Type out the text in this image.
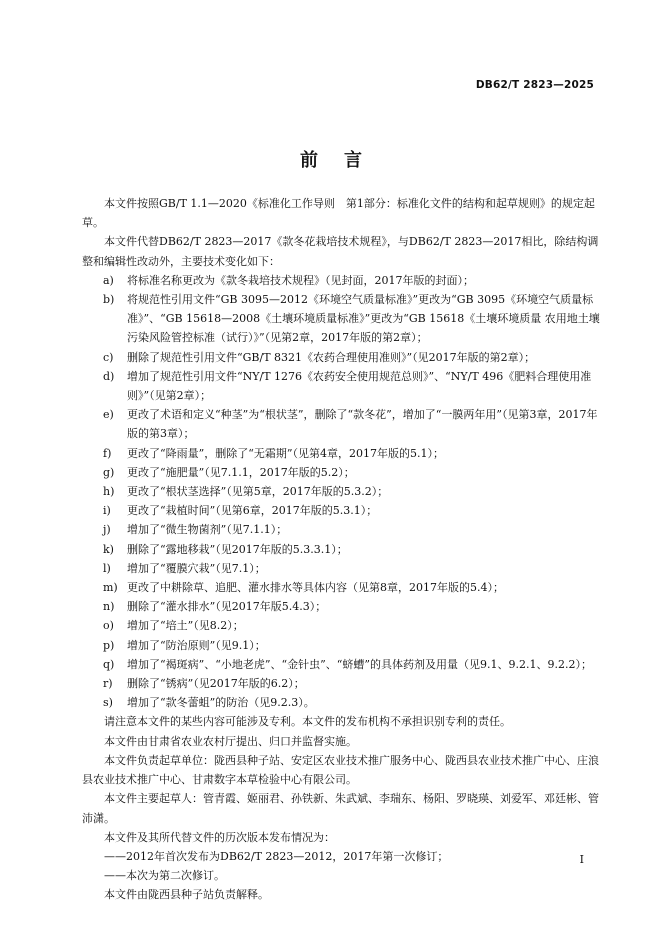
DB62/T 2823—2025
前言

本文件按照GB/T 1.1—2020《标准化工作导则　第1部分：标准化文件的结构和起草规则》的规定起草。

本文件代替DB62/T 2823—2017《款冬花栽培技术规程》，与DB62/T 2823—2017相比，除结构调整和编辑性改动外，主要技术变化如下：

a) 将标准名称更改为《款冬栽培技术规程》（见封面，2017年版的封面）；
b) 将规范性引用文件“GB 3095—2012《环境空气质量标准》”更改为“GB 3095《环境空气质量标准》”、“GB 15618—2008《土壤环境质量标准》”更改为“GB 15618《土壤环境质量 农用地土壤污染风险管控标准（试行）》”（见第2章，2017年版的第2章）；
c) 删除了规范性引用文件“GB/T 8321《农药合理使用准则》”（见2017年版的第2章）；
d) 增加了规范性引用文件“NY/T 1276《农药安全使用规范总则》”、“NY/T 496《肥料合理使用准则》”（见第2章）；
e) 更改了术语和定义“种茎”为“根状茎”，删除了“款冬花”，增加了“一膜两年用”（见第3章，2017年版的第3章）；
f) 更改了“降雨量”，删除了“无霜期”（见第4章，2017年版的5.1）；
g) 更改了“施肥量”（见7.1.1，2017年版的5.2）；
h) 更改了“根状茎选择”（见第5章，2017年版的5.3.2）；
i) 更改了“栽植时间”（见第6章，2017年版的5.3.1）；
j) 增加了“微生物菌剂”（见7.1.1）；
k) 删除了“露地移栽”（见2017年版的5.3.3.1）；
l) 增加了“覆膜穴栽”（见7.1）；
m) 更改了中耕除草、追肥、灌水排水等具体内容（见第8章，2017年版的5.4）；
n) 删除了“灌水排水”（见2017年版5.4.3）；
o) 增加了“培土”（见8.2）；
p) 增加了“防治原则”（见9.1）；
q) 增加了“褐斑病”、“小地老虎”、“金针虫”、“蛴螬”的具体药剂及用量（见9.1、9.2.1、9.2.2）；
r) 删除了“锈病”（见2017年版的6.2）；
s) 增加了“款冬蕾蛆”的防治（见9.2.3）。

请注意本文件的某些内容可能涉及专利。本文件的发布机构不承担识别专利的责任。

本文件由甘肃省农业农村厅提出、归口并监督实施。

本文件负责起草单位：陇西县种子站、安定区农业技术推广服务中心、陇西县农业技术推广中心、庄浪县农业技术推广中心、甘肃数字本草检验中心有限公司。

本文件主要起草人：管青霞、姬丽君、孙铁新、朱武斌、李瑞东、杨阳、罗晓瑛、刘爱军、邓廷彬、管沛潇。

本文件及其所代替文件的历次版本发布情况为：

——2012年首次发布为DB62/T 2823—2012，2017年第一次修订；

——本次为第二次修订。

本文件由陇西县种子站负责解释。

I
